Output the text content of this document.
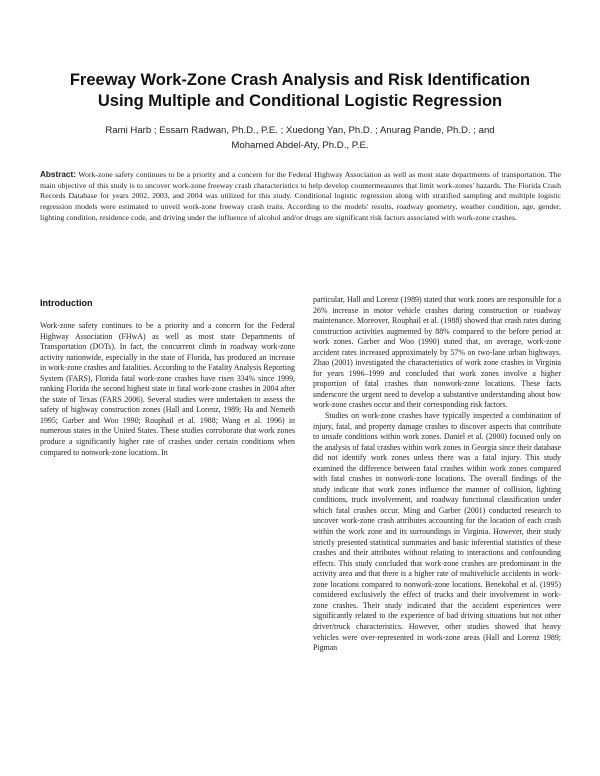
Freeway Work-Zone Crash Analysis and Risk Identification
Using Multiple and Conditional Logistic Regression
Rami Harb ; Essam Radwan, Ph.D., P.E. ; Xuedong Yan, Ph.D. ; Anurag Pande, Ph.D. ; and
Mohamed Abdel-Aty, Ph.D., P.E.
Abstract: Work-zone safety continues to be a priority and a concern for the Federal Highway Association as well as most state departments of transportation. The main objective of this study is to uncover work-zone freeway crash characteristics to help develop countermeasures that limit work-zones' hazards. The Florida Crash Records Database for years 2002, 2003, and 2004 was utilized for this study. Conditional logistic regression along with stratified sampling and multiple logistic regression models were estimated to unveil work-zone freeway crash traits. According to the models' results, roadway geometry, weather condition, age, gender, lighting condition, residence code, and driving under the influence of alcohol and/or drugs are significant risk factors associated with work-zone crashes.
Introduction

Work-zone safety continues to be a priority and a concern for the Federal Highway Association (FHwA) as well as most state Departments of Transportation (DOTs). In fact, the concurrent climb in roadway work-zone activity nationwide, especially in the state of Florida, has produced an increase in work-zone crashes and fatalities. According to the Fatality Analysis Reporting System (FARS), Florida fatal work-zone crashes have risen 334% since 1999, ranking Florida the second highest state in fatal work-zone crashes in 2004 after the state of Texas (FARS 2006). Several studies were undertaken to assess the safety of highway construction zones (Hall and Lorenz, 1989; Ha and Nemeth 1995; Garber and Woo 1990; Rouphail et al. 1988; Wang et al. 1996) in numerous states in the United States. These studies corroborate that work zones produce a significantly higher rate of crashes under certain conditions when compared to nonwork-zone locations. In

particular, Hall and Lorenz (1989) stated that work zones are responsible for a 26% increase in motor vehicle crashes during construction or roadway maintenance. Moreover, Rouphail et al. (1988) showed that crash rates during construction activities augmented by 88% compared to the before period at work zones. Garber and Woo (1990) stated that, on average, work-zone accident rates increased approximately by 57% on two-lane urban highways. Zhao (2001) investigated the characteristics of work zone crashes in Virginia for years 1996–1999 and concluded that work zones involve a higher proportion of fatal crashes than nonwork-zone locations. These facts underscore the urgent need to develop a substantive understanding about how work-zone crashes occur and their corresponding risk factors.

Studies on work-zone crashes have typically inspected a combination of injury, fatal, and property damage crashes to discover aspects that contribute to unsafe conditions within work zones. Daniel et al. (2000) focused only on the analysis of fatal crashes within work zones in Georgia since their database did not identify work zones unless there was a fatal injury. This study examined the difference between fatal crashes within work zones compared with fatal crashes in nonwork-zone locations. The overall findings of the study indicate that work zones influence the manner of collision, lighting conditions, truck involvement, and roadway functional classification under which fatal crashes occur. Ming and Garber (2001) conducted research to uncover work-zone crash attributes accounting for the location of each crash within the work zone and its surroundings in Virginia. However, their study strictly presented statistical summaries and basic inferential statistics of these crashes and their attributes without relating to interactions and confounding effects. This study concluded that work-zone crashes are predominant in the activity area and that there is a higher rate of multivehicle accidents in work-zone locations compared to nonwork-zone locations. Benekohal et al. (1995) considered exclusively the effect of trucks and their involvement in work-zone crashes. Their study indicated that the accident experiences were significantly related to the experience of bad driving situations but not other driver/truck characteristics. However, other studies showed that heavy vehicles were over-represented in work-zone areas (Hall and Lorenz 1989; Pigman
